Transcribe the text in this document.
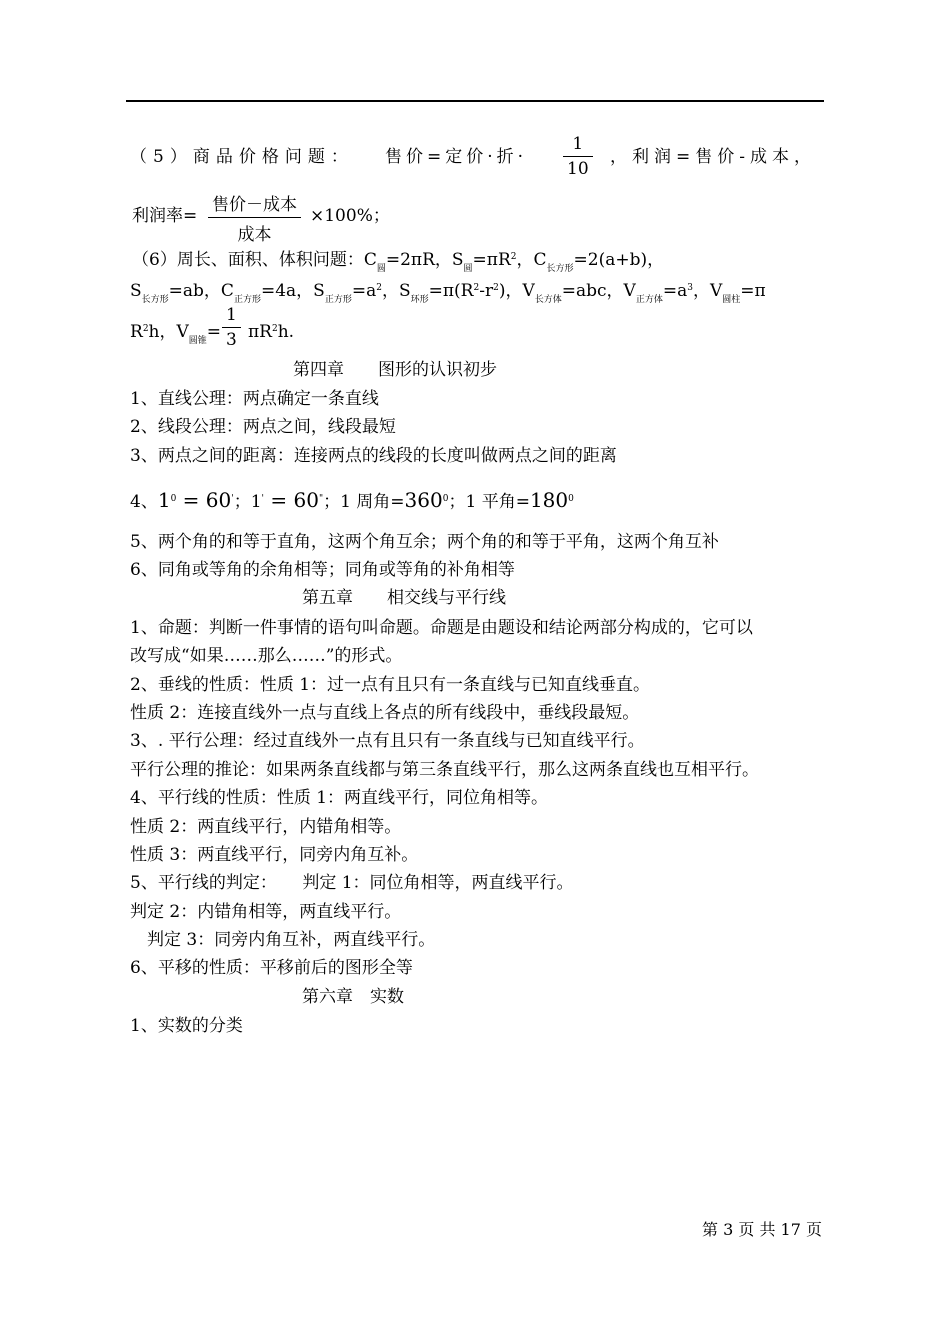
（5）商品价格问题： 售价=定价·折·
1
10
，利润=售价-成本，
利润率=
售价－成本
成本
×100%；
（6）周长、面积、体积问题：$C_圆=2\pi R$，$S_圆=\pi R^2$，$C_{长方形}=2(a+b)$，
$S_{长方形}=ab$，$C_{正方形}=4a$，$S_{正方形}=a^2$，$S_{环形}=\pi(R^2-r^2)$，$V_{长方体}=abc$，$V_{正方体}=a^3$，$V_{圆柱}=\pi$
$R^2h$，$V_{圆锥}=$
1
3 $\pi R^2h$.
第四章　　图形的认识初步
1、直线公理：两点确定一条直线
2、线段公理：两点之间，线段最短
3、两点之间的距离：连接两点的线段的长度叫做两点之间的距离
4、$1^0 = 60'$；1' = 60"；1 周角$=360^0$；1 平角$=180^0$
5、两个角的和等于直角，这两个角互余；两个角的和等于平角，这两个角互补
6、同角或等角的余角相等；同角或等角的补角相等
第五章　　相交线与平行线
1、命题：判断一件事情的语句叫命题。命题是由题设和结论两部分构成的，它可以
改写成“如果……那么……”的形式。
2、垂线的性质：性质 1：过一点有且只有一条直线与已知直线垂直。
性质 2：连接直线外一点与直线上各点的所有线段中，垂线段最短。
3、. 平行公理：经过直线外一点有且只有一条直线与已知直线平行。
平行公理的推论：如果两条直线都与第三条直线平行，那么这两条直线也互相平行。
4、平行线的性质：性质 1：两直线平行，同位角相等。
性质 2：两直线平行，内错角相等。
性质 3：两直线平行，同旁内角互补。
5、平行线的判定：　　判定 1：同位角相等，两直线平行。
判定 2：内错角相等，两直线平行。
　判定 3：同旁内角互补，两直线平行。
6、平移的性质：平移前后的图形全等
第六章　实数
1、实数的分类
第 3 页 共 17 页
